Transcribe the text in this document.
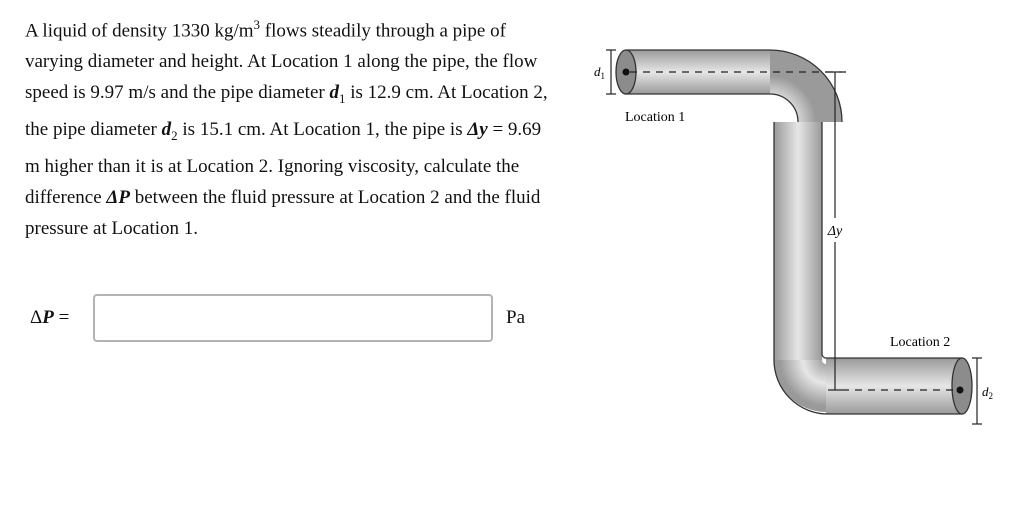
A liquid of density 1330 $kg/m^3$ flows steadily through a pipe of varying diameter and height. At Location 1 along the pipe, the flow speed is 9.97 m/s and the pipe diameter $d_1$ is 12.9 cm. At Location 2, the pipe diameter $d_2$ is 15.1 cm. At Location 1, the pipe is Δy = 9.69 m higher than it is at Location 2. Ignoring viscosity, calculate the difference ΔP between the fluid pressure at Location 2 and the fluid pressure at Location 1.

ΔP =	Pa
Δy
$d_1$
$d_2$
Location 1
Location 2
